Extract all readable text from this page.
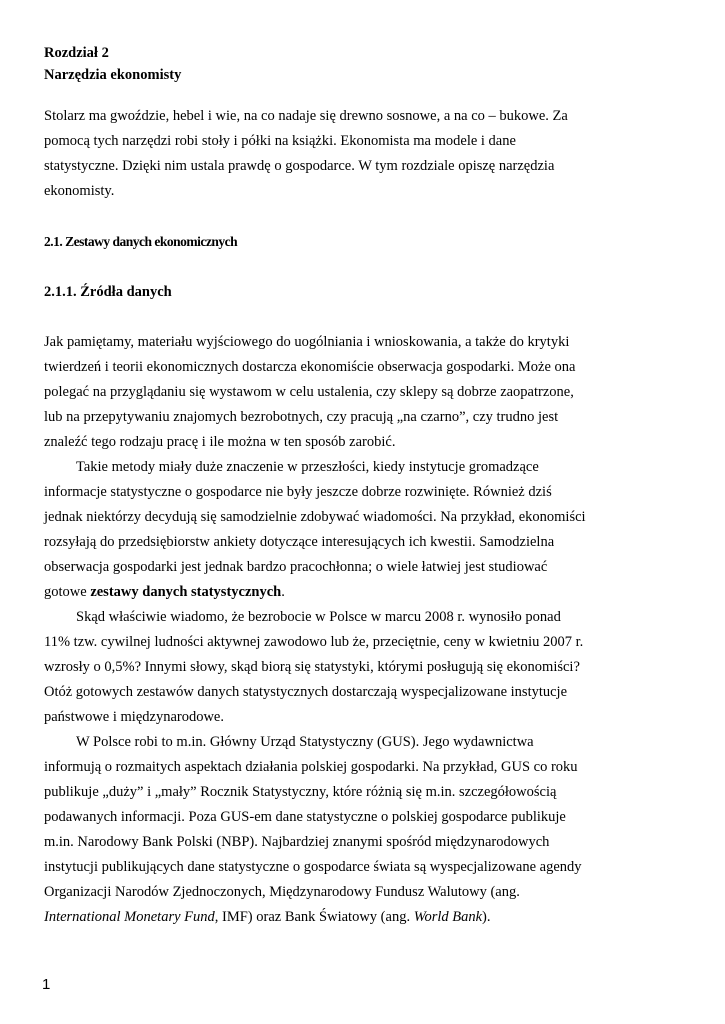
Rozdział 2
Narzędzia ekonomisty
Stolarz ma gwoździe, hebel i wie, na co nadaje się drewno sosnowe, a na co – bukowe. Za
pomocą tych narzędzi robi stoły i półki na książki. Ekonomista ma modele i dane
statystyczne. Dzięki nim ustala prawdę o gospodarce. W tym rozdziale opiszę narzędzia
ekonomisty.
2.1. Zestawy danych ekonomicznych
2.1.1. Źródła danych
Jak pamiętamy, materiału wyjściowego do uogólniania i wnioskowania, a także do krytyki
twierdzeń i teorii ekonomicznych dostarcza ekonomiście obserwacja gospodarki. Może ona
polegać na przyglądaniu się wystawom w celu ustalenia, czy sklepy są dobrze zaopatrzone,
lub na przepytywaniu znajomych bezrobotnych, czy pracują „na czarno”, czy trudno jest
znaleźć tego rodzaju pracę i ile można w ten sposób zarobić.
Takie metody miały duże znaczenie w przeszłości, kiedy instytucje gromadzące
informacje statystyczne o gospodarce nie były jeszcze dobrze rozwinięte. Również dziś
jednak niektórzy decydują się samodzielnie zdobywać wiadomości. Na przykład, ekonomiści
rozsyłają do przedsiębiorstw ankiety dotyczące interesujących ich kwestii. Samodzielna
obserwacja gospodarki jest jednak bardzo pracochłonna; o wiele łatwiej jest studiować
gotowe zestawy danych statystycznych.
Skąd właściwie wiadomo, że bezrobocie w Polsce w marcu 2008 r. wynosiło ponad
11% tzw. cywilnej ludności aktywnej zawodowo lub że, przeciętnie, ceny w kwietniu 2007 r.
wzrosły o 0,5%? Innymi słowy, skąd biorą się statystyki, którymi posługują się ekonomiści?
Otóż gotowych zestawów danych statystycznych dostarczają wyspecjalizowane instytucje
państwowe i międzynarodowe.
W Polsce robi to m.in. Główny Urząd Statystyczny (GUS). Jego wydawnictwa
informują o rozmaitych aspektach działania polskiej gospodarki. Na przykład, GUS co roku
publikuje „duży” i „mały” Rocznik Statystyczny, które różnią się m.in. szczegółowością
podawanych informacji. Poza GUS-em dane statystyczne o polskiej gospodarce publikuje
m.in. Narodowy Bank Polski (NBP). Najbardziej znanymi spośród międzynarodowych
instytucji publikujących dane statystyczne o gospodarce świata są wyspecjalizowane agendy
Organizacji Narodów Zjednoczonych, Międzynarodowy Fundusz Walutowy (ang.
International Monetary Fund, IMF) oraz Bank Światowy (ang. World Bank).
1
